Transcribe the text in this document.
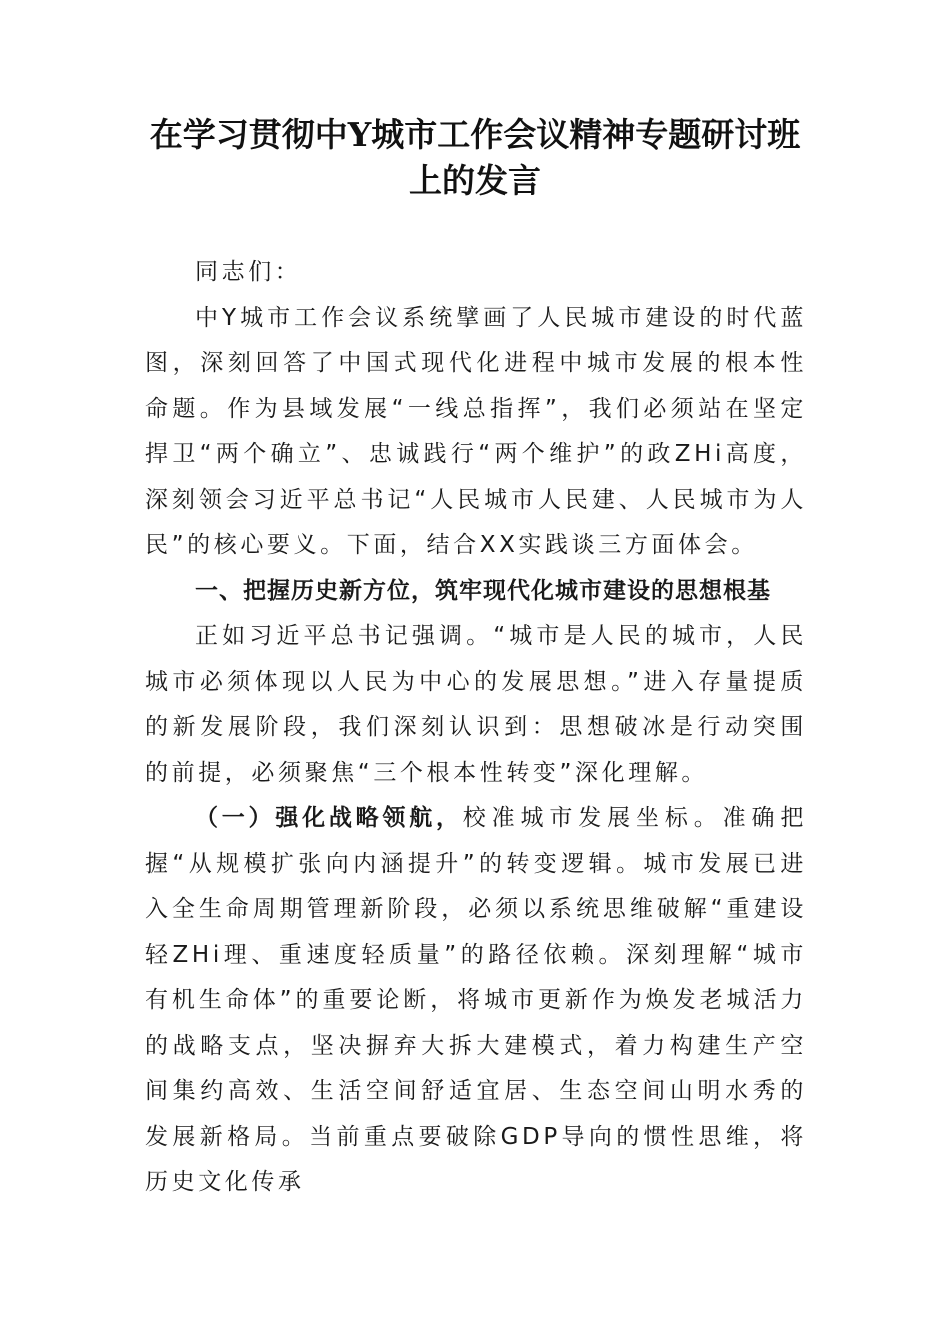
在学习贯彻中Y城市工作会议精神专题研讨班上的发言

同志们：

中Y城市工作会议系统擘画了人民城市建设的时代蓝图，深刻回答了中国式现代化进程中城市发展的根本性命题。作为县域发展“一线总指挥”，我们必须站在坚定捍卫“两个确立”、忠诚践行“两个维护”的政ZHi高度，深刻领会习近平总书记“人民城市人民建、人民城市为人民”的核心要义。下面，结合XX实践谈三方面体会。

一、把握历史新方位，筑牢现代化城市建设的思想根基

正如习近平总书记强调。“城市是人民的城市，人民城市必须体现以人民为中心的发展思想。”进入存量提质的新发展阶段，我们深刻认识到：思想破冰是行动突围的前提，必须聚焦“三个根本性转变”深化理解。

（一）强化战略领航，校准城市发展坐标。准确把握“从规模扩张向内涵提升”的转变逻辑。城市发展已进入全生命周期管理新阶段，必须以系统思维破解“重建设轻ZHi理、重速度轻质量”的路径依赖。深刻理解“城市有机生命体”的重要论断，将城市更新作为焕发老城活力的战略支点，坚决摒弃大拆大建模式，着力构建生产空间集约高效、生活空间舒适宜居、生态空间山明水秀的发展新格局。当前重点要破除GDP导向的惯性思维，将历史文化传承
